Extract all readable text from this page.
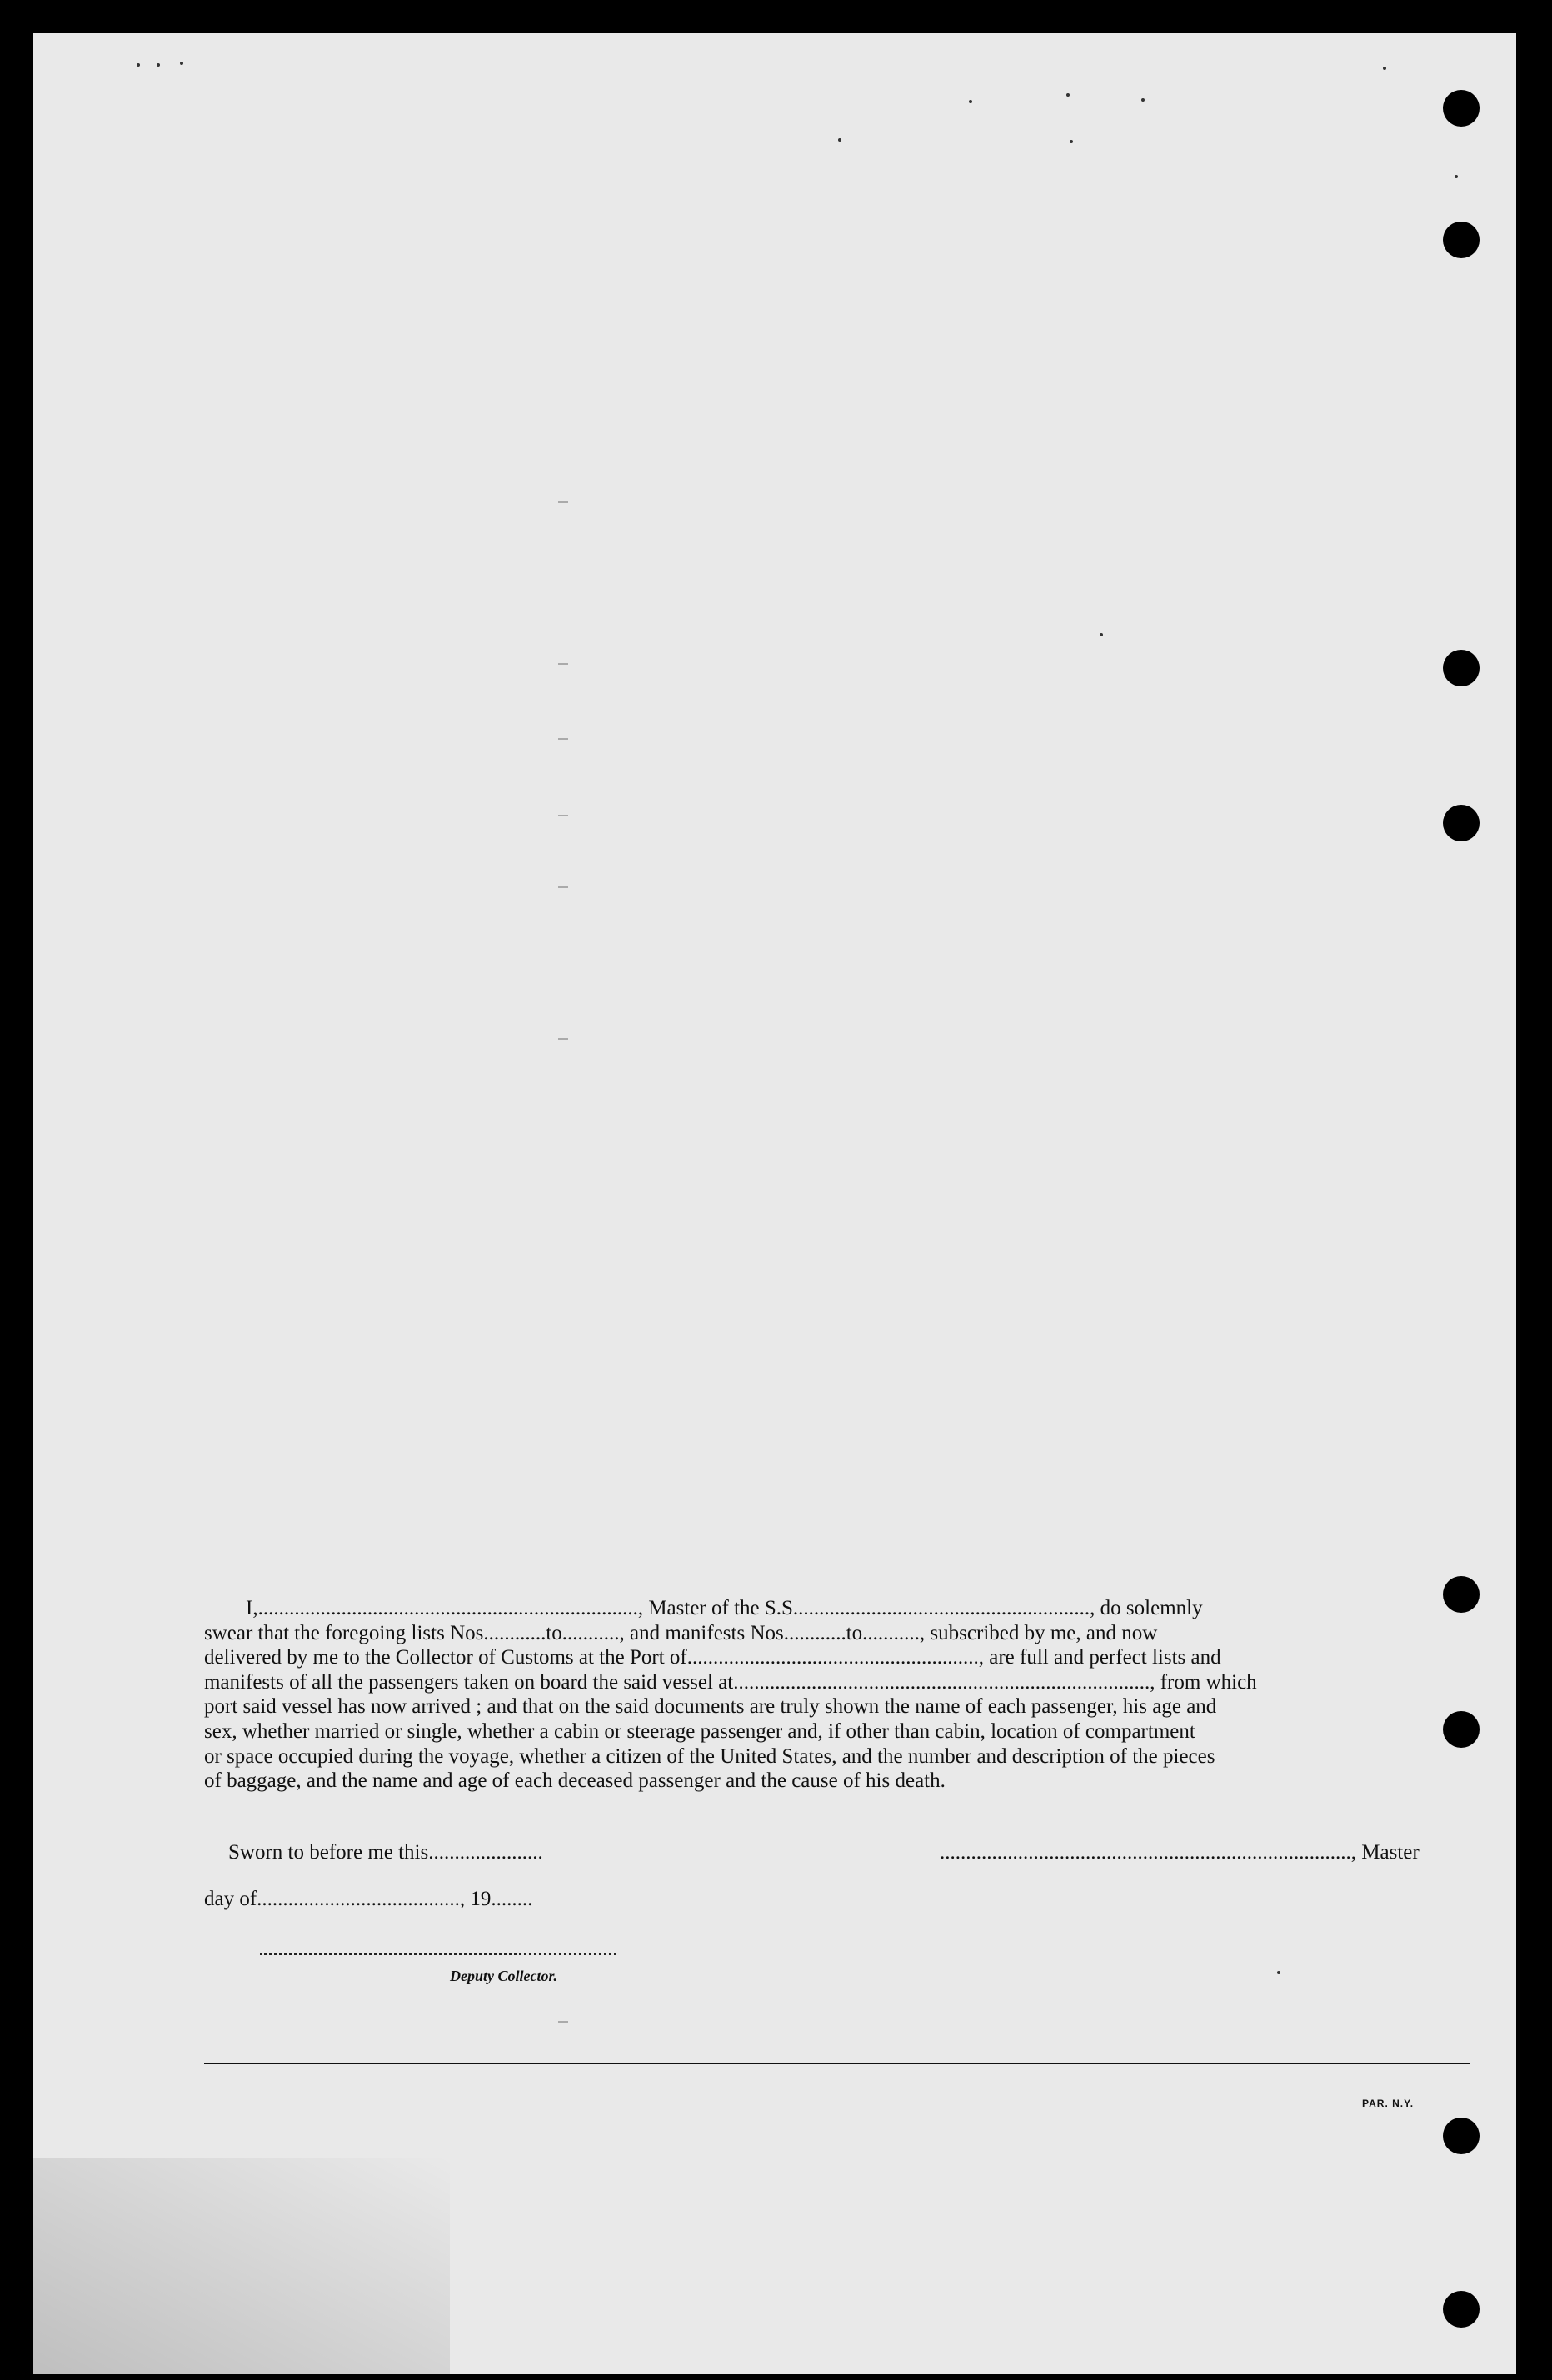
I,........................................................................., Master of the S.S........................................................., do solemnly
swear that the foregoing lists Nos............to..........., and manifests Nos............to..........., subscribed by me, and now
delivered by me to the Collector of Customs at the Port of........................................................, are full and perfect lists and
manifests of all the passengers taken on board the said vessel at................................................................................, from which
port said vessel has now arrived ; and that on the said documents are truly shown the name of each passenger, his age and
sex, whether married or single, whether a cabin or steerage passenger and, if other than cabin, location of compartment
or space occupied during the voyage, whether a citizen of the United States, and the number and description of the pieces
of baggage, and the name and age of each deceased passenger and the cause of his death.
Sworn to before me this......................	..............................................................................., Master
day of......................................., 19........
Deputy Collector.
PAR. N.Y.
